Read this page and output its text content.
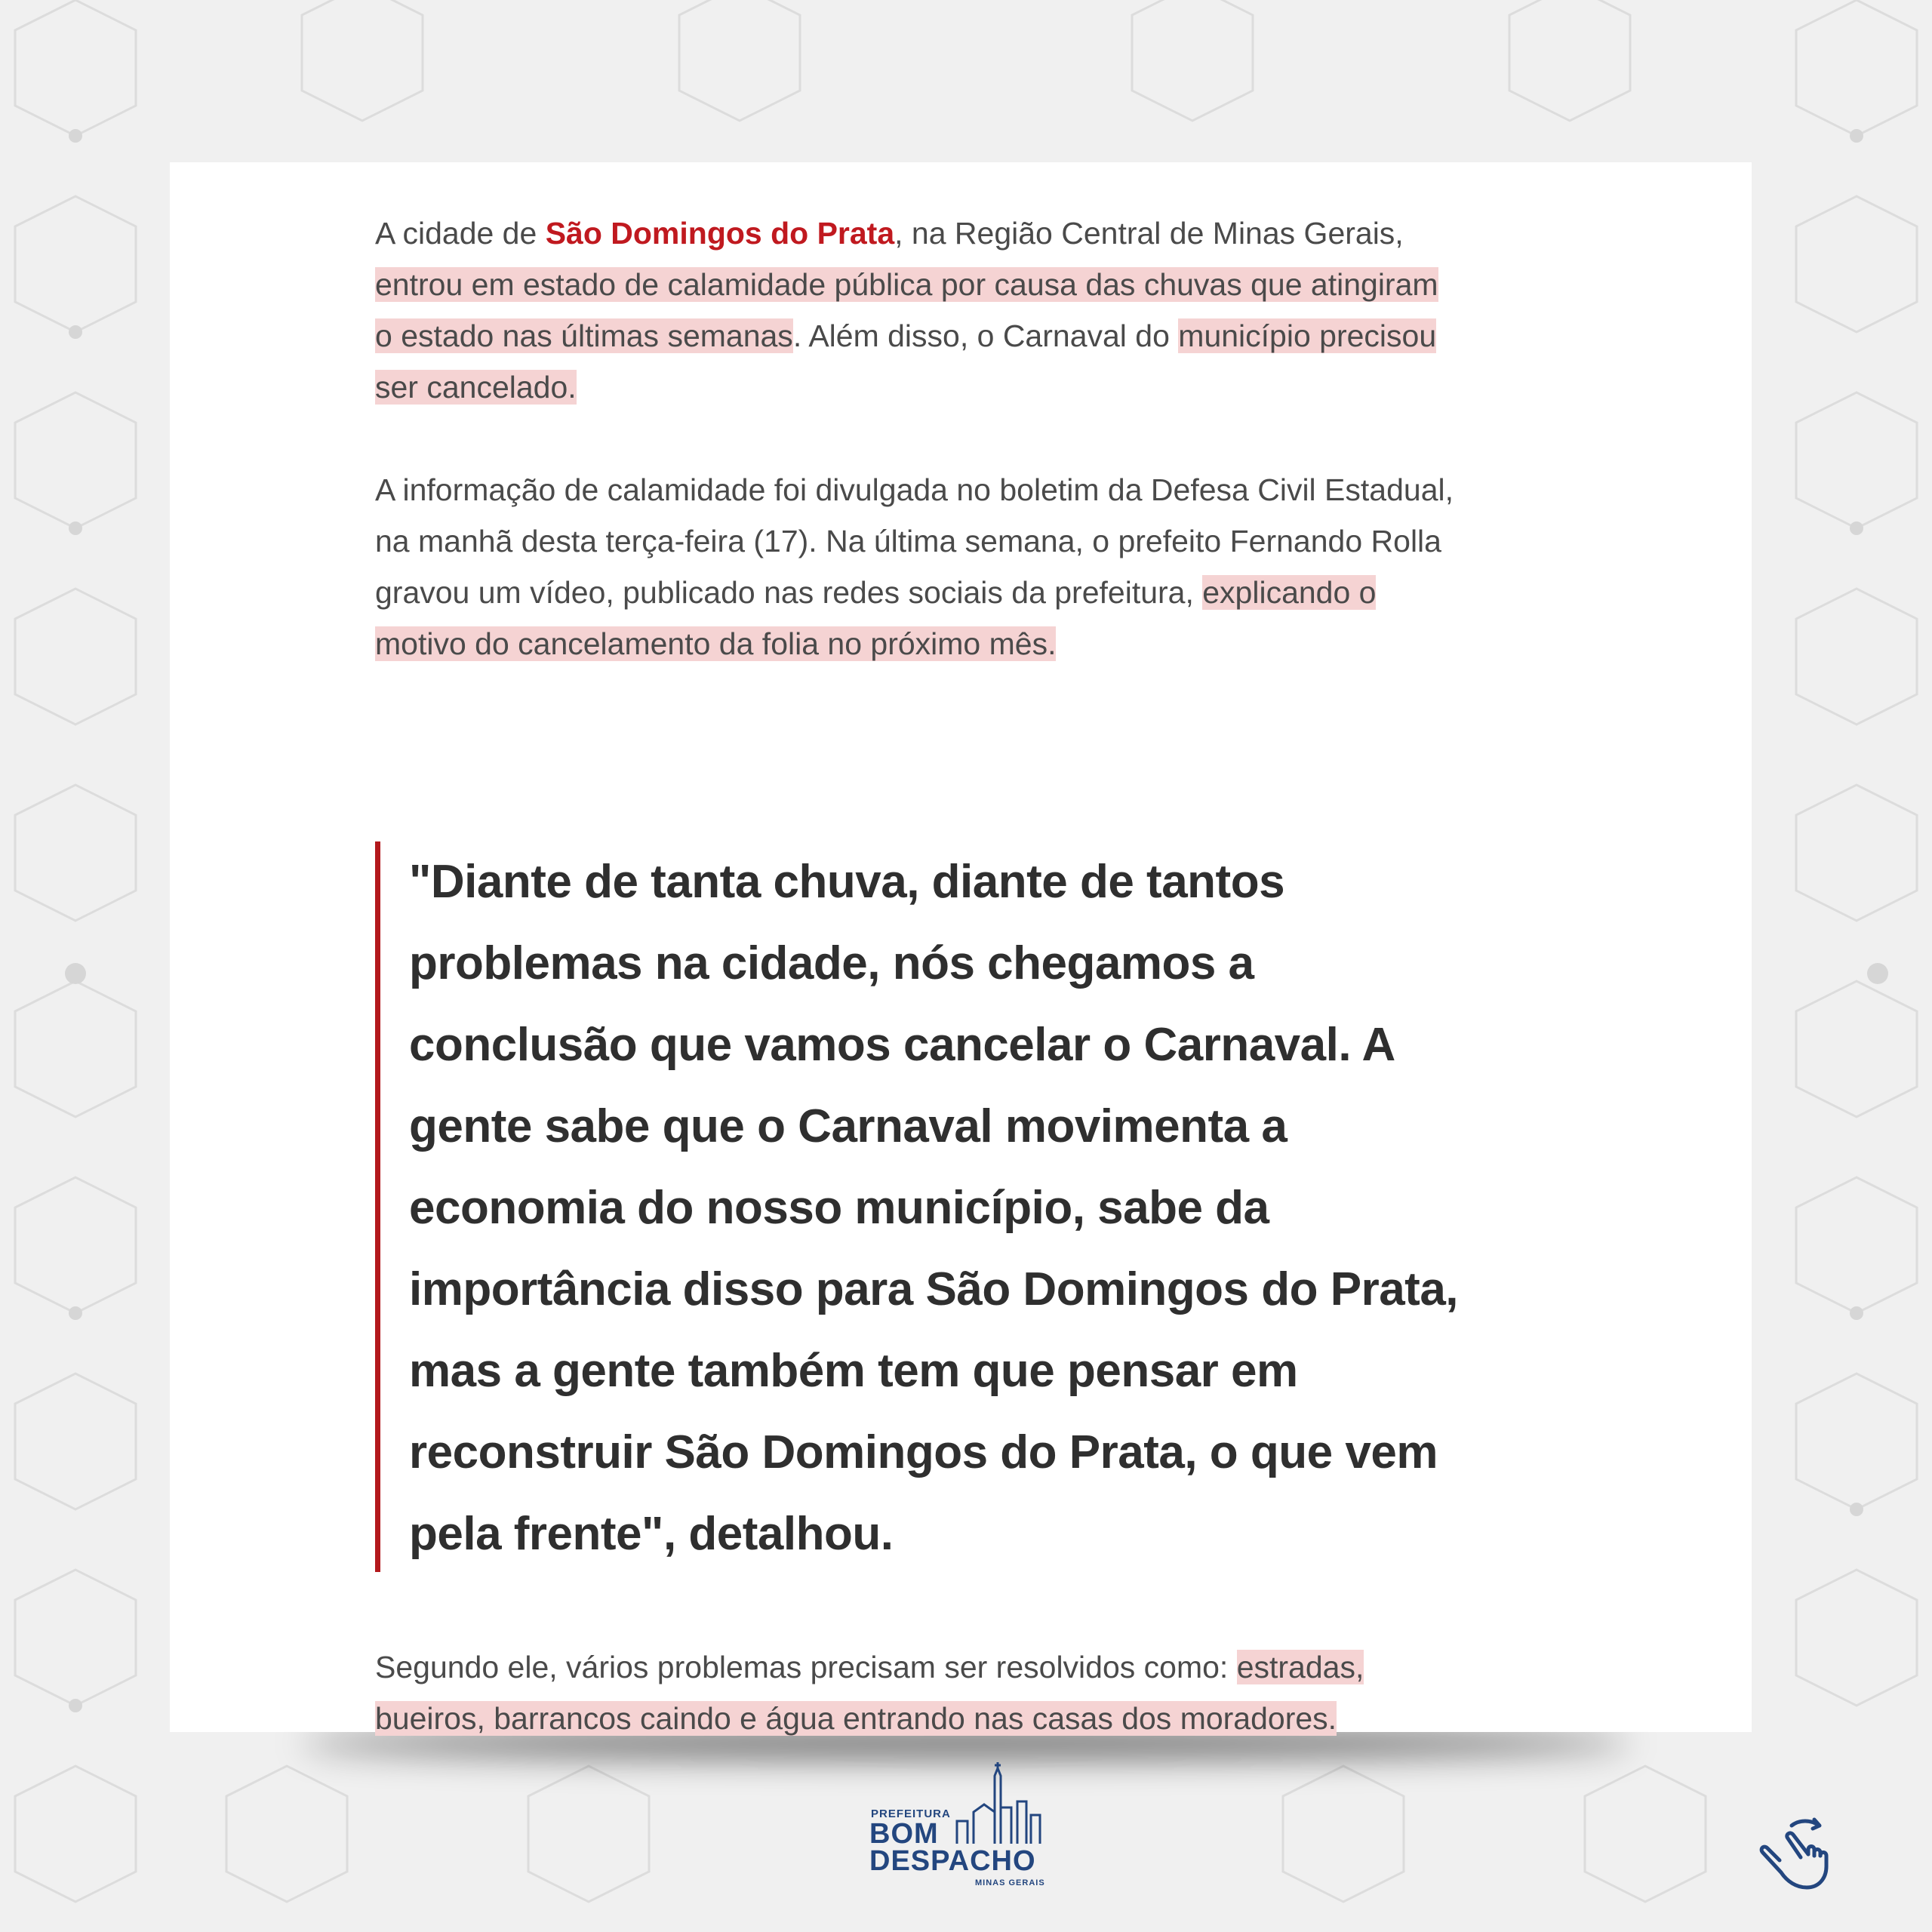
A cidade de São Domingos do Prata, na Região Central de Minas Gerais, entrou em estado de calamidade pública por causa das chuvas que atingiram o estado nas últimas semanas. Além disso, o Carnaval do município precisou ser cancelado.

A informação de calamidade foi divulgada no boletim da Defesa Civil Estadual, na manhã desta terça-feira (17). Na última semana, o prefeito Fernando Rolla gravou um vídeo, publicado nas redes sociais da prefeitura, explicando o motivo do cancelamento da folia no próximo mês.

"Diante de tanta chuva, diante de tantos problemas na cidade, nós chegamos a conclusão que vamos cancelar o Carnaval. A gente sabe que o Carnaval movimenta a economia do nosso município, sabe da importância disso para São Domingos do Prata, mas a gente também tem que pensar em reconstruir São Domingos do Prata, o que vem pela frente", detalhou.

Segundo ele, vários problemas precisam ser resolvidos como: estradas, bueiros, barrancos caindo e água entrando nas casas dos moradores.

PREFEITURA
BOM
DESPACHO
MINAS GERAIS
